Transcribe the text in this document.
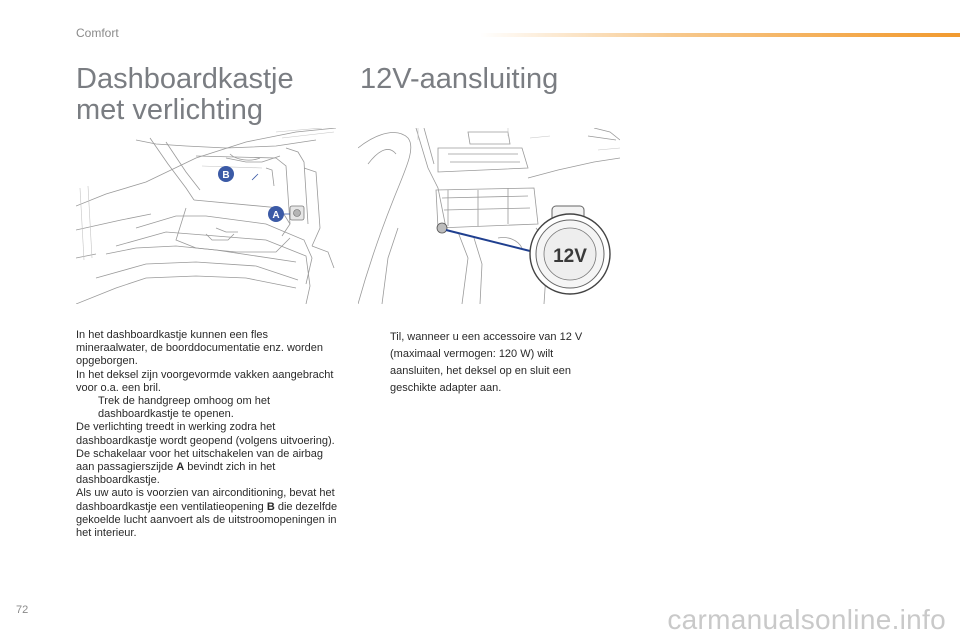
Comfort
Dashboardkastje met verlichting
12V-aansluiting
B
A
12V

In het dashboardkastje kunnen een fles mineraalwater, de boorddocumentatie enz. worden opgeborgen.

In het deksel zijn voorgevormde vakken aangebracht voor o.a. een bril.

Trek de handgreep omhoog om het dashboardkastje te openen.

De verlichting treedt in werking zodra het dashboardkastje wordt geopend (volgens uitvoering).

De schakelaar voor het uitschakelen van de airbag aan passagierszijde A bevindt zich in het dashboardkastje.

Als uw auto is voorzien van airconditioning, bevat het dashboardkastje een ventilatieopening B die dezelfde gekoelde lucht aanvoert als de uitstroomopeningen in het interieur.

Til, wanneer u een accessoire van 12 V (maximaal vermogen: 120 W) wilt aansluiten, het deksel op en sluit een geschikte adapter aan.

72	carmanualsonline.info
